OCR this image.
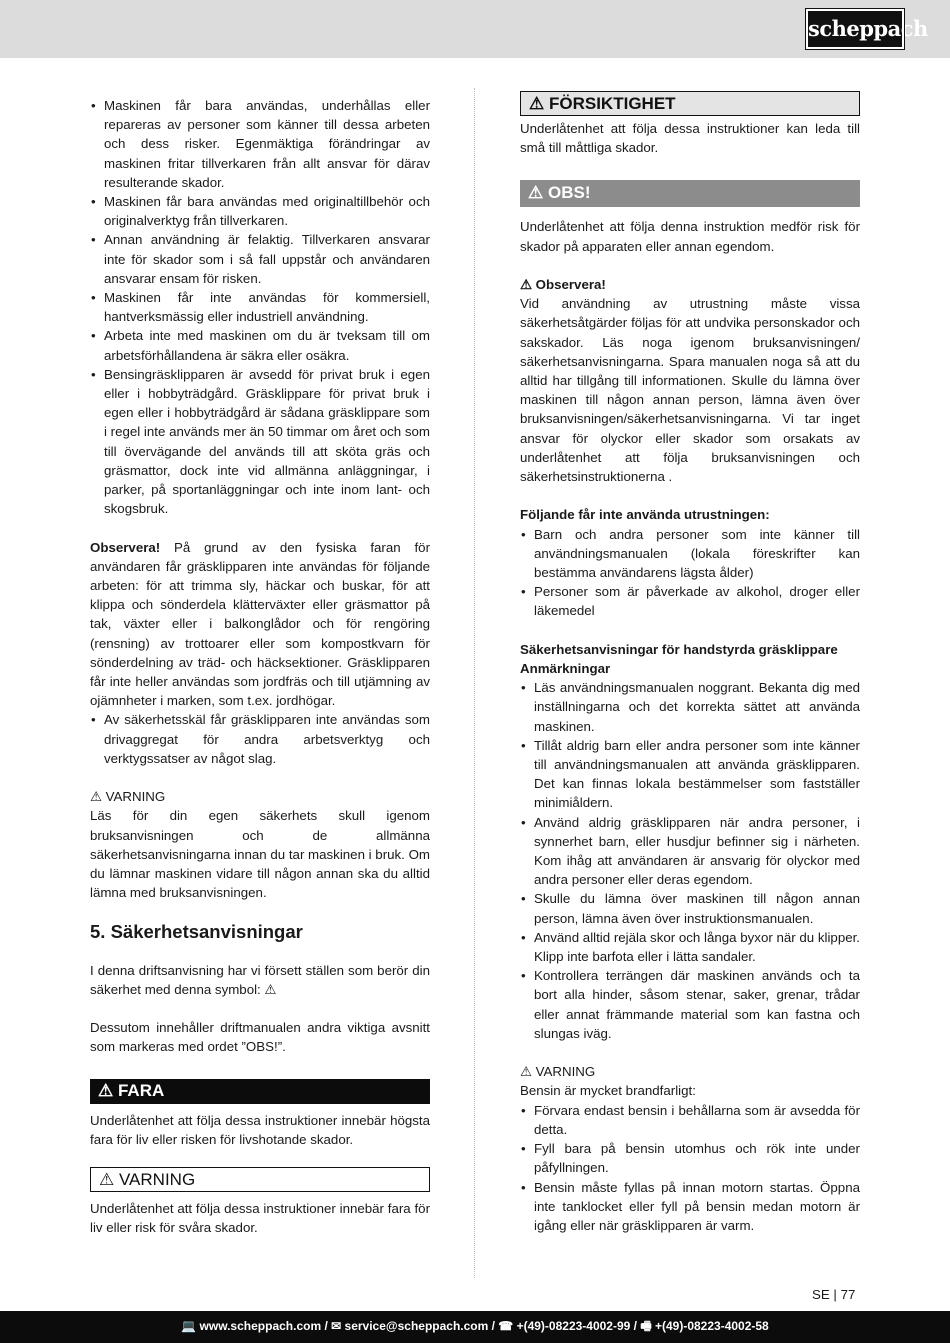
scheppach
• Maskinen får bara användas, underhållas eller repareras av personer som känner till dessa arbeten och dess risker. Egenmäktiga förändringar av maskinen fritar tillverkaren från allt ansvar för därav resulterande skador.
• Maskinen får bara användas med originaltillbehör och originalverktyg från tillverkaren.
• Annan användning är felaktig. Tillverkaren ansvarar inte för skador som i så fall uppstår och användaren ansvarar ensam för risken.
• Maskinen får inte användas för kommersiell, hantverksmässig eller industriell användning.
• Arbeta inte med maskinen om du är tveksam till om arbetsförhållandena är säkra eller osäkra.
• Bensingräsklipparen är avsedd för privat bruk i egen eller i hobbyträdgård. Gräsklippare för privat bruk i egen eller i hobbyträdgård är sådana gräsklippare som i regel inte används mer än 50 timmar om året och som till övervägande del används till att sköta gräs och gräsmattor, dock inte vid allmänna anläggningar, i parker, på sportanläggningar och inte inom lant- och skogsbruk.

Observera! På grund av den fysiska faran för användaren får gräsklipparen inte användas för följande arbeten: för att trimma sly, häckar och buskar, för att klippa och sönderdela klätterväxter eller gräsmattor på tak, växter eller i balkonglådor och för rengöring (rensning) av trottoarer eller som kompostkvarn för sönderdelning av träd- och häcksektioner. Gräsklipparen får inte heller användas som jordfräs och till utjämning av ojämnheter i marken, som t.ex. jordhögar.

• Av säkerhetsskäl får gräsklipparen inte användas som drivaggregat för andra arbetsverktyg och verktygssatser av något slag.

⚠ VARNING

Läs för din egen säkerhets skull igenom bruksanvisningen och de allmänna säkerhetsanvisningarna innan du tar maskinen i bruk. Om du lämnar maskinen vidare till någon annan ska du alltid lämna med bruksanvisningen.

5. Säkerhetsanvisningar

I denna driftsanvisning har vi försett ställen som berör din säkerhet med denna symbol: ⚠

Dessutom innehåller driftmanualen andra viktiga avsnitt som markeras med ordet ”OBS!”.

⚠ FARA

Underlåtenhet att följa dessa instruktioner innebär högsta fara för liv eller risken för livshotande skador.

⚠ VARNING

Underlåtenhet att följa dessa instruktioner innebär fara för liv eller risk för svåra skador.

⚠ FÖRSIKTIGHET

Underlåtenhet att följa dessa instruktioner kan leda till små till måttliga skador.

⚠ OBS!

Underlåtenhet att följa denna instruktion medför risk för skador på apparaten eller annan egendom.

⚠ Observera!

Vid användning av utrustning måste vissa säkerhetsåtgärder följas för att undvika personskador och sakskador. Läs noga igenom bruksanvisningen/ säkerhetsanvisningarna. Spara manualen noga så att du alltid har tillgång till informationen. Skulle du lämna över maskinen till någon annan person, lämna även över bruksanvisningen/säkerhetsanvisningarna. Vi tar inget ansvar för olyckor eller skador som orsakats av underlåtenhet att följa bruksanvisningen och säkerhetsinstruktionerna .

Följande får inte använda utrustningen:

• Barn och andra personer som inte känner till användningsmanualen (lokala föreskrifter kan bestämma användarens lägsta ålder)
• Personer som är påverkade av alkohol, droger eller läkemedel

Säkerhetsanvisningar för handstyrda gräsklippare

Anmärkningar

• Läs användningsmanualen noggrant. Bekanta dig med inställningarna och det korrekta sättet att använda maskinen.
• Tillåt aldrig barn eller andra personer som inte känner till användningsmanualen att använda gräsklipparen. Det kan finnas lokala bestämmelser som fastställer minimiåldern.
• Använd aldrig gräsklipparen när andra personer, i synnerhet barn, eller husdjur befinner sig i närheten. Kom ihåg att användaren är ansvarig för olyckor med andra personer eller deras egendom.
• Skulle du lämna över maskinen till någon annan person, lämna även över instruktionsmanualen.
• Använd alltid rejäla skor och långa byxor när du klipper. Klipp inte barfota eller i lätta sandaler.
• Kontrollera terrängen där maskinen används och ta bort alla hinder, såsom stenar, saker, grenar, trådar eller annat främmande material som kan fastna och slungas iväg.

⚠ VARNING

Bensin är mycket brandfarligt:

• Förvara endast bensin i behållarna som är avsedda för detta.
• Fyll bara på bensin utomhus och rök inte under påfyllningen.
• Bensin måste fyllas på innan motorn startas. Öppna inte tanklocket eller fyll på bensin medan motorn är igång eller när gräsklipparen är varm.
SE | 77
💻 www.scheppach.com / ✉ service@scheppach.com / ☎ +(49)-08223-4002-99 / 🖷 +(49)-08223-4002-58
